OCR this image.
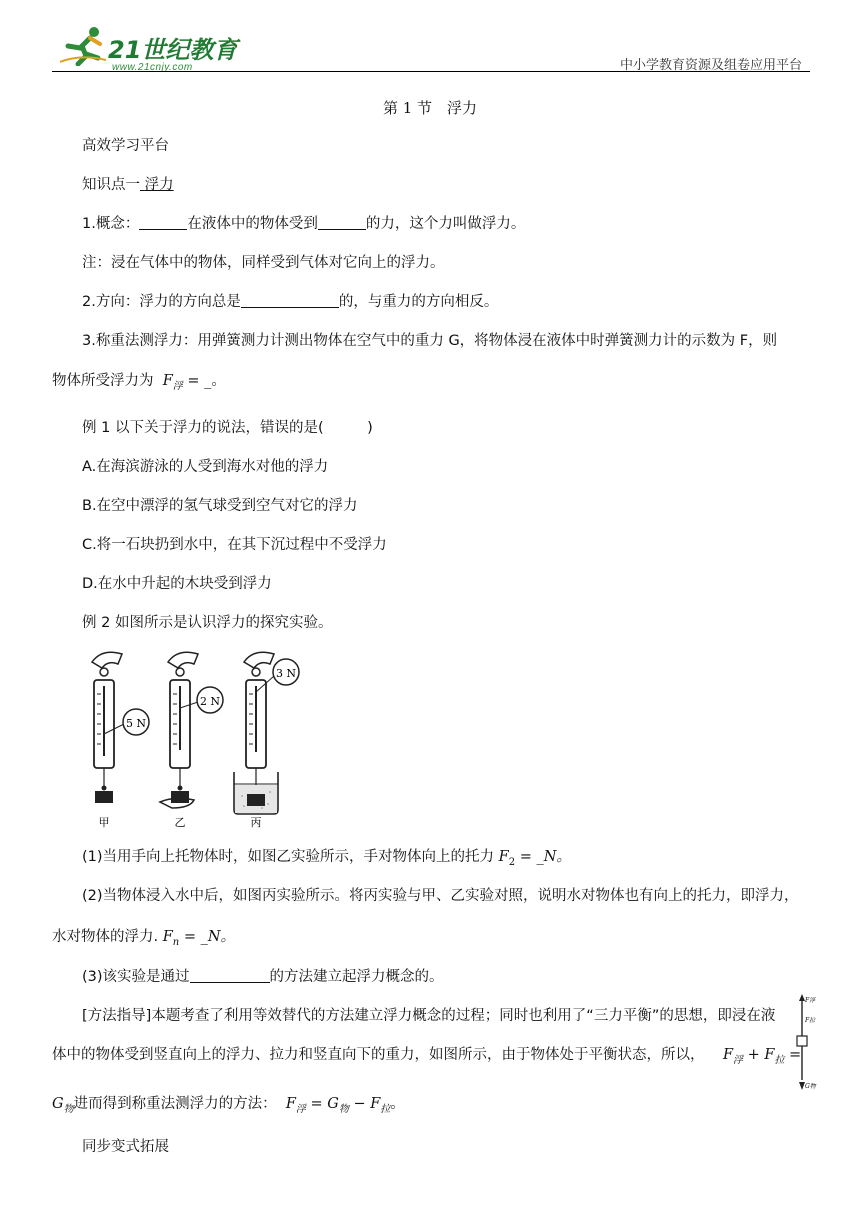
21世纪教育
www.21cnjy.com	中小学教育资源及组卷应用平台
第 1 节　浮力
高效学习平台
知识点一 浮力
1.概念：	在液体中的物体受到	的力，这个力叫做浮力。
注：浸在气体中的物体，同样受到气体对它向上的浮力。
2.方向：浮力的方向总是	的，与重力的方向相反。
3.称重法测浮力：用弹簧测力计测出物体在空气中的重力 G，将物体浸在液体中时弹簧测力计的示数为 F，则
物体所受浮力为 $F_浮$ = _。
例 1 以下关于浮力的说法，错误的是(　　　)
A.在海滨游泳的人受到海水对他的浮力
B.在空中漂浮的氢气球受到空气对它的浮力
C.将一石块扔到水中，在其下沉过程中不受浮力
D.在水中升起的木块受到浮力
例 2 如图所示是认识浮力的探究实验。
5 N
甲
2 N
乙
3 N
丙
(1)当用手向上托物体时，如图乙实验所示，手对物体向上的托力 $F_2$ = _N。
(2)当物体浸入水中后，如图丙实验所示。将丙实验与甲、乙实验对照，说明水对物体也有向上的托力，即浮力，
水对物体的浮力. $F_n$ = _N。
(3)该实验是通过	的方法建立起浮力概念的。
[方法指导]本题考查了利用等效替代的方法建立浮力概念的过程；同时也利用了“三力平衡”的思想，即浸在液
体中的物体受到竖直向上的浮力、拉力和竖直向下的重力，如图所示，由于物体处于平衡状态，所以， $F_浮 + F_拉$ =
F浮
F拉
G物
$G_物$进而得到称重法测浮力的方法： $F_浮 = G_物 - F_拉$。
同步变式拓展
